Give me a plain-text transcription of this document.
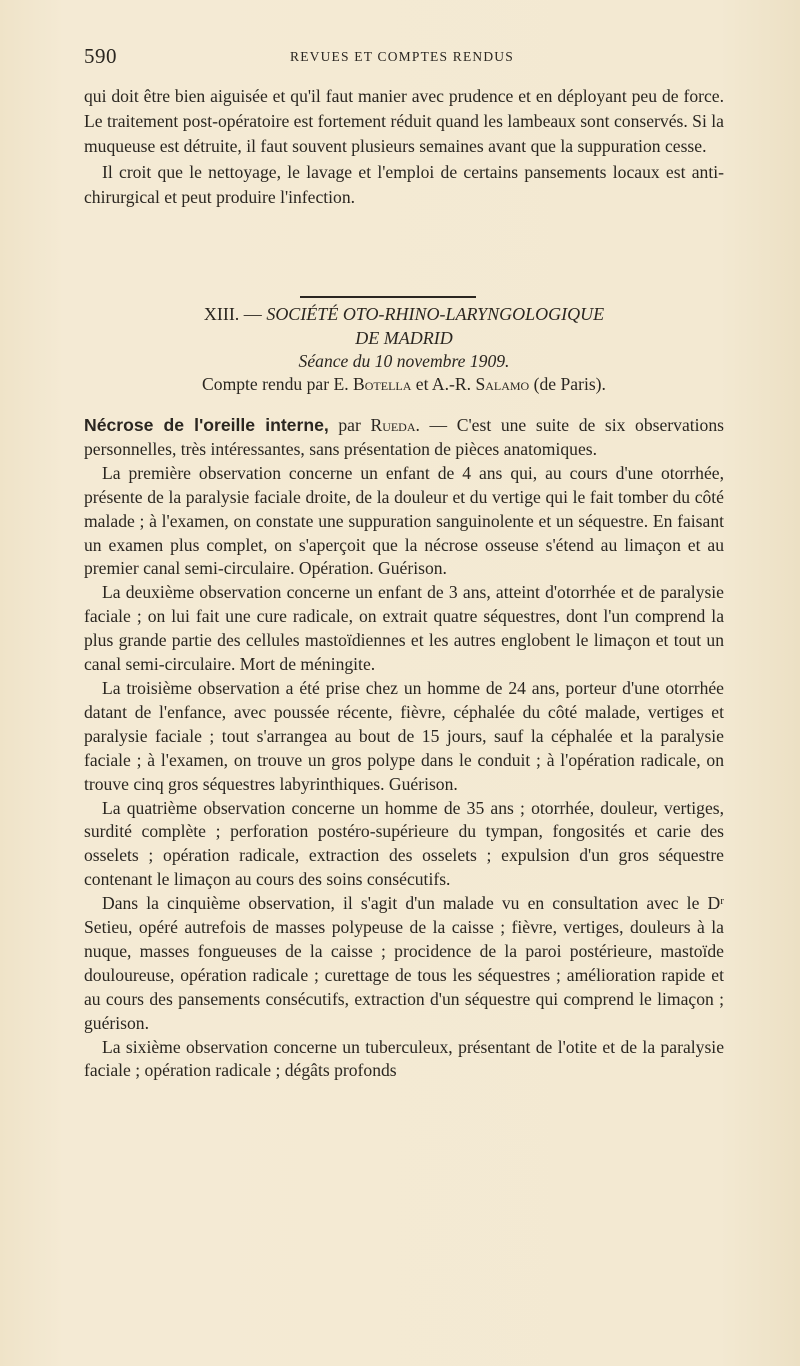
590	REVUES ET COMPTES RENDUS

qui doit être bien aiguisée et qu'il faut manier avec prudence et en déployant peu de force. Le traitement post-opératoire est fortement réduit quand les lambeaux sont conservés. Si la muqueuse est détruite, il faut souvent plusieurs semaines avant que la suppuration cesse.

Il croit que le nettoyage, le lavage et l'emploi de certains pansements locaux est anti-chirurgical et peut produire l'infection.

XIII. — SOCIÉTÉ OTO-RHINO-LARYNGOLOGIQUE
DE MADRID
Séance du 10 novembre 1909.
Compte rendu par E. Botella et A.-R. Salamo (de Paris).

Nécrose de l'oreille interne, par Rueda. — C'est une suite de six observations personnelles, très intéressantes, sans présentation de pièces anatomiques.

La première observation concerne un enfant de 4 ans qui, au cours d'une otorrhée, présente de la paralysie faciale droite, de la douleur et du vertige qui le fait tomber du côté malade ; à l'examen, on constate une suppuration sanguinolente et un séquestre. En faisant un examen plus complet, on s'aperçoit que la nécrose osseuse s'étend au limaçon et au premier canal semi-circulaire. Opération. Guérison.

La deuxième observation concerne un enfant de 3 ans, atteint d'otorrhée et de paralysie faciale ; on lui fait une cure radicale, on extrait quatre séquestres, dont l'un comprend la plus grande partie des cellules mastoïdiennes et les autres englobent le limaçon et tout un canal semi-circulaire. Mort de méningite.

La troisième observation a été prise chez un homme de 24 ans, porteur d'une otorrhée datant de l'enfance, avec poussée récente, fièvre, céphalée du côté malade, vertiges et paralysie faciale ; tout s'arrangea au bout de 15 jours, sauf la céphalée et la paralysie faciale ; à l'examen, on trouve un gros polype dans le conduit ; à l'opération radicale, on trouve cinq gros séquestres labyrinthiques. Guérison.

La quatrième observation concerne un homme de 35 ans ; otorrhée, douleur, vertiges, surdité complète ; perforation postéro-supérieure du tympan, fongosités et carie des osselets ; opération radicale, extraction des osselets ; expulsion d'un gros séquestre contenant le limaçon au cours des soins consécutifs.

Dans la cinquième observation, il s'agit d'un malade vu en consultation avec le Dʳ Setieu, opéré autrefois de masses polypeuse de la caisse ; fièvre, vertiges, douleurs à la nuque, masses fongueuses de la caisse ; procidence de la paroi postérieure, mastoïde douloureuse, opération radicale ; curettage de tous les séquestres ; amélioration rapide et au cours des pansements consécutifs, extraction d'un séquestre qui comprend le limaçon ; guérison.

La sixième observation concerne un tuberculeux, présentant de l'otite et de la paralysie faciale ; opération radicale ; dégâts profonds
